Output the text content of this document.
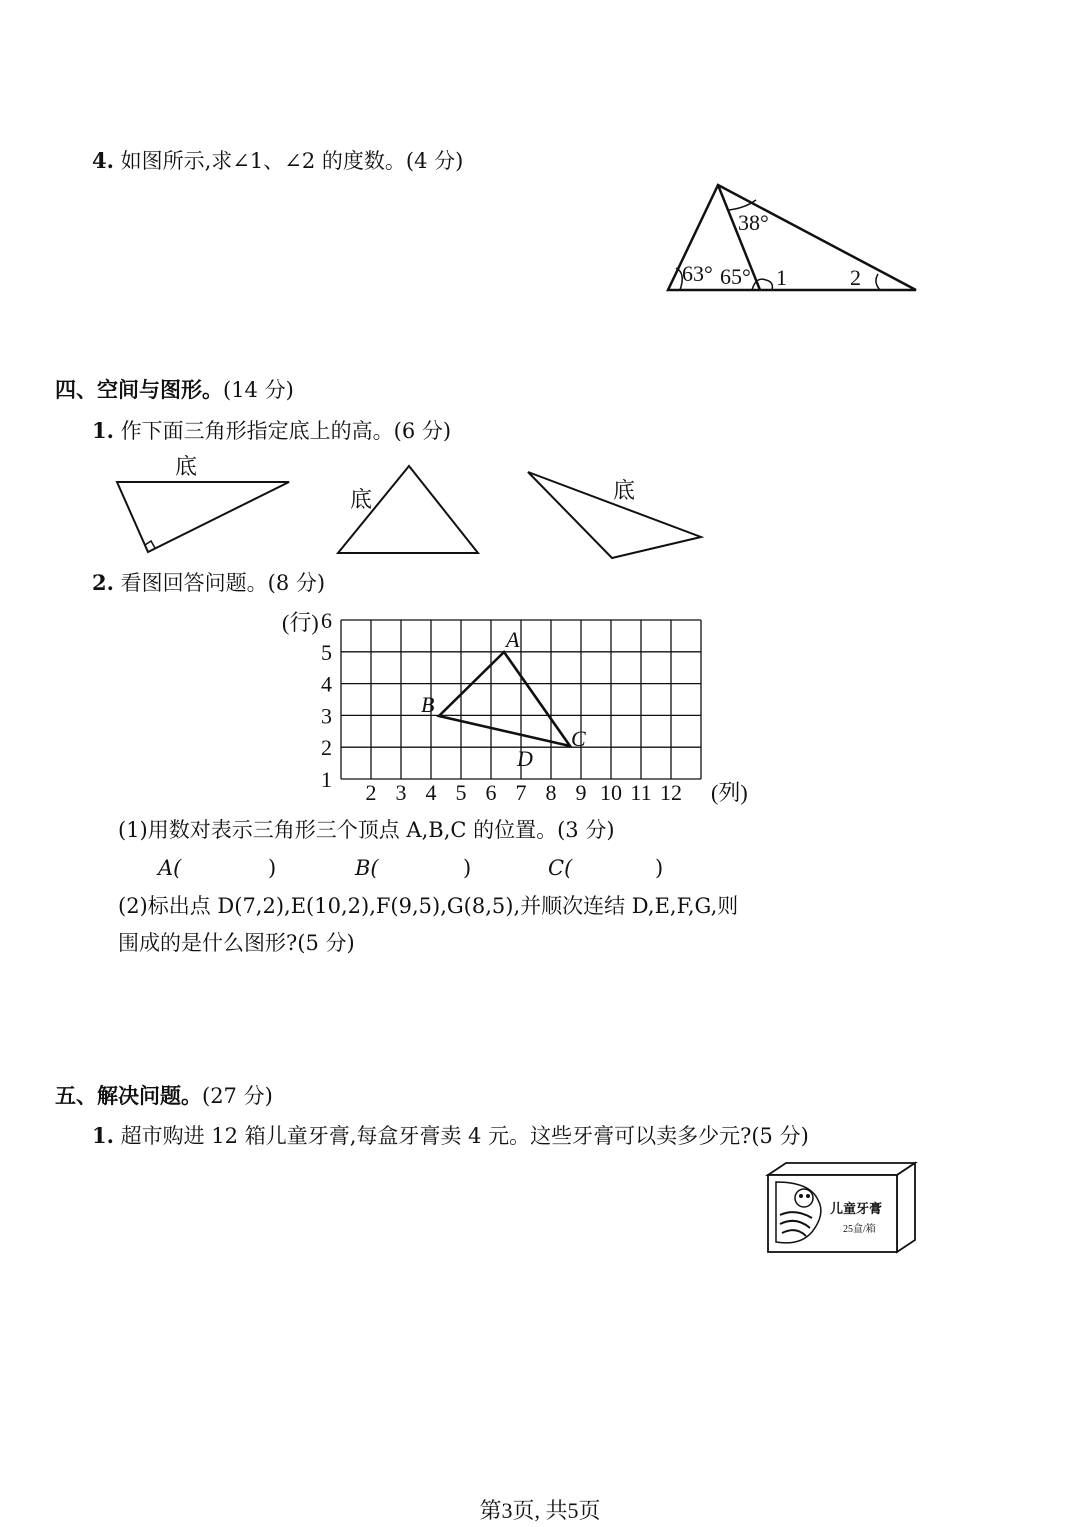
4. 如图所示,求∠1、∠2 的度数。(4 分)
38°
63° 65° 1	2
四、空间与图形。(14 分)
1. 作下面三角形指定底上的高。(6 分)
底
底	底
2. 看图回答问题。(8 分)
(行)
(列)
1
2
3
4
5
6
2 3 4 5 6 7 8 9 10 11 12
A
B
C
D
(1)用数对表示三角形三个顶点 A,B,C 的位置。(3 分)
A(	)	B(	)	C(	)
(2)标出点 D(7,2),E(10,2),F(9,5),G(8,5),并顺次连结 D,E,F,G,则
围成的是什么图形?(5 分)
五、解决问题。(27 分)
1. 超市购进 12 箱儿童牙膏,每盒牙膏卖 4 元。这些牙膏可以卖多少元?(5 分)
儿童牙膏
25盒/箱
第3页, 共5页
